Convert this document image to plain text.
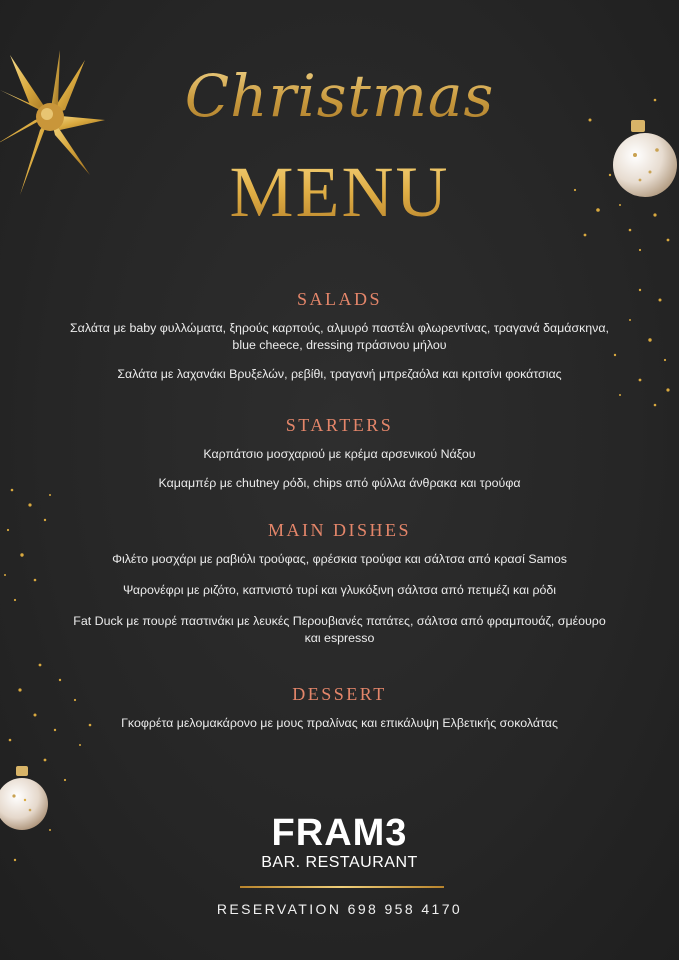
Christmas
MENU
SALADS
Σαλάτα με baby φυλλώματα, ξηρούς καρπούς, αλμυρό παστέλι φλωρεντίνας, τραγανά δαμάσκηνα, blue cheece, dressing πράσινου μήλου
Σαλάτα με λαχανάκι Βρυξελών, ρεβίθι, τραγανή μπρεζαόλα και κριτσίνι φοκάτσιας
STARTERS
Καρπάτσιο μοσχαριού με κρέμα αρσενικού Νάξου
Καμαμπέρ με chutney ρόδι, chips από φύλλα άνθρακα και τρούφα
MAIN DISHES
Φιλέτο μοσχάρι με ραβιόλι τρούφας, φρέσκια τρούφα και σάλτσα από κρασί Samos
Ψαρονέφρι με ριζότο, καπνιστό τυρί και γλυκόξινη σάλτσα από πετιμέζι και ρόδι
Fat Duck με πουρέ παστινάκι με λευκές Περουβιανές πατάτες, σάλτσα από φραμπουάζ, σμέουρο και espresso
DESSERT
Γκοφρέτα μελομακάρονο με μους πραλίνας και επικάλυψη Ελβετικής σοκολάτας
FRAM3
BAR. RESTAURANT
RESERVATION 698 958 4170
